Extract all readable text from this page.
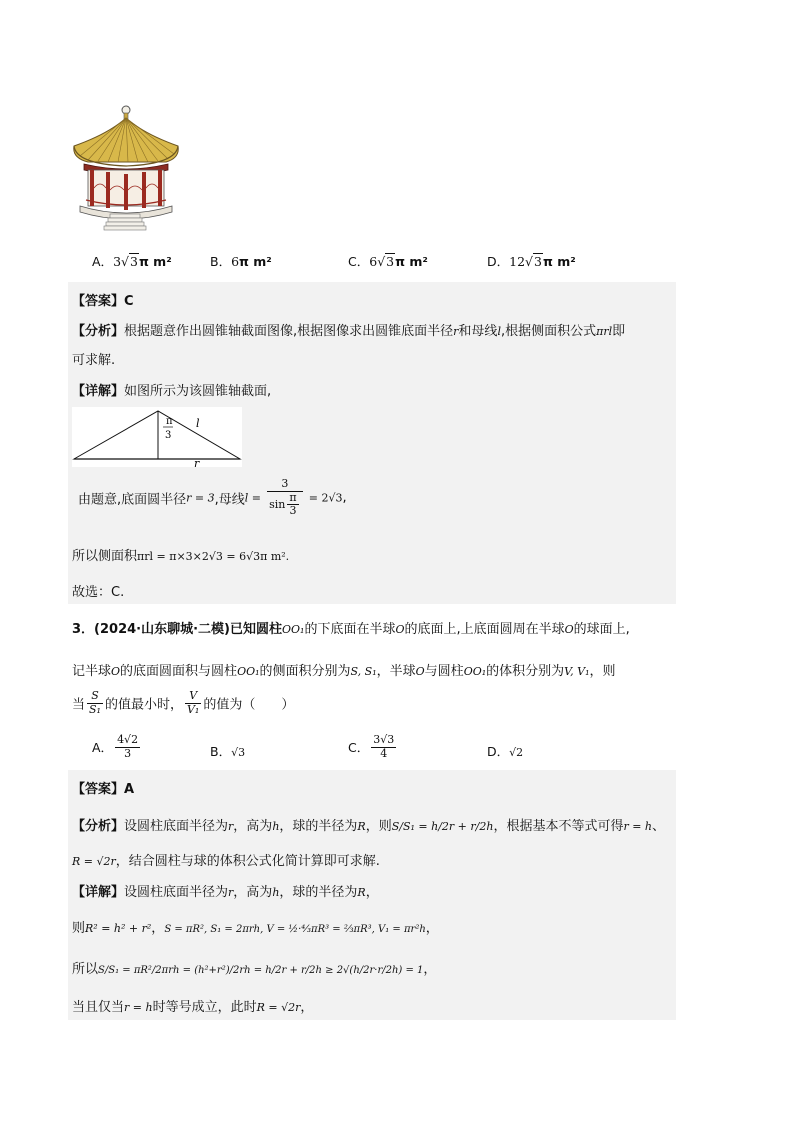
A．3√3π m²	B．6π m²	C．6√3π m²	D．12√3π m²
【答案】C
【分析】根据题意作出圆锥轴截面图像,根据图像求出圆锥底面半径r和母线l,根据侧面积公式πrl即
可求解.
【详解】如图所示为该圆锥轴截面,
π
3
l
r
由题意,底面圆半径r = 3,母线$l = \frac{3}{\sin \frac{\pi}{3}} = 2√3$,
所以侧面积πrl = π×3×2√3 = 6√3π m².
故选：C.
3．(2024·山东聊城·二模)已知圆柱OO₁的下底面在半球O的底面上,上底面圆周在半球O的球面上,
记半球O的底面圆面积与圆柱OO₁的侧面积分别为S, S₁，半球O与圆柱OO₁的体积分别为V, V₁，则
当 $\frac{S}{\text{S₁}}$ 的值最小时， $\frac{V}{\text{V₁}}$ 的值为（　　）
A． $\frac{4√2}{3}$	B．√3	C． $\frac{3√3}{4}$	D．√2
【答案】A
【分析】设圆柱底面半径为r，高为h，球的半径为R，则S/S₁ = h/2r + r/2h，根据基本不等式可得r = h、
R = √2r，结合圆柱与球的体积公式化简计算即可求解.
【详解】设圆柱底面半径为r，高为h，球的半径为R，
则R² = h² + r²，S = πR², S₁ = 2πrh, V = ½·⁴⁄₃πR³ = ⅔πR³, V₁ = πr²h，
所以S/S₁ = πR²/2πrh = (h²+r²)/2rh = h/2r + r/2h ≥ 2√(h/2r·r/2h) = 1，
当且仅当r = h时等号成立，此时R = √2r，
